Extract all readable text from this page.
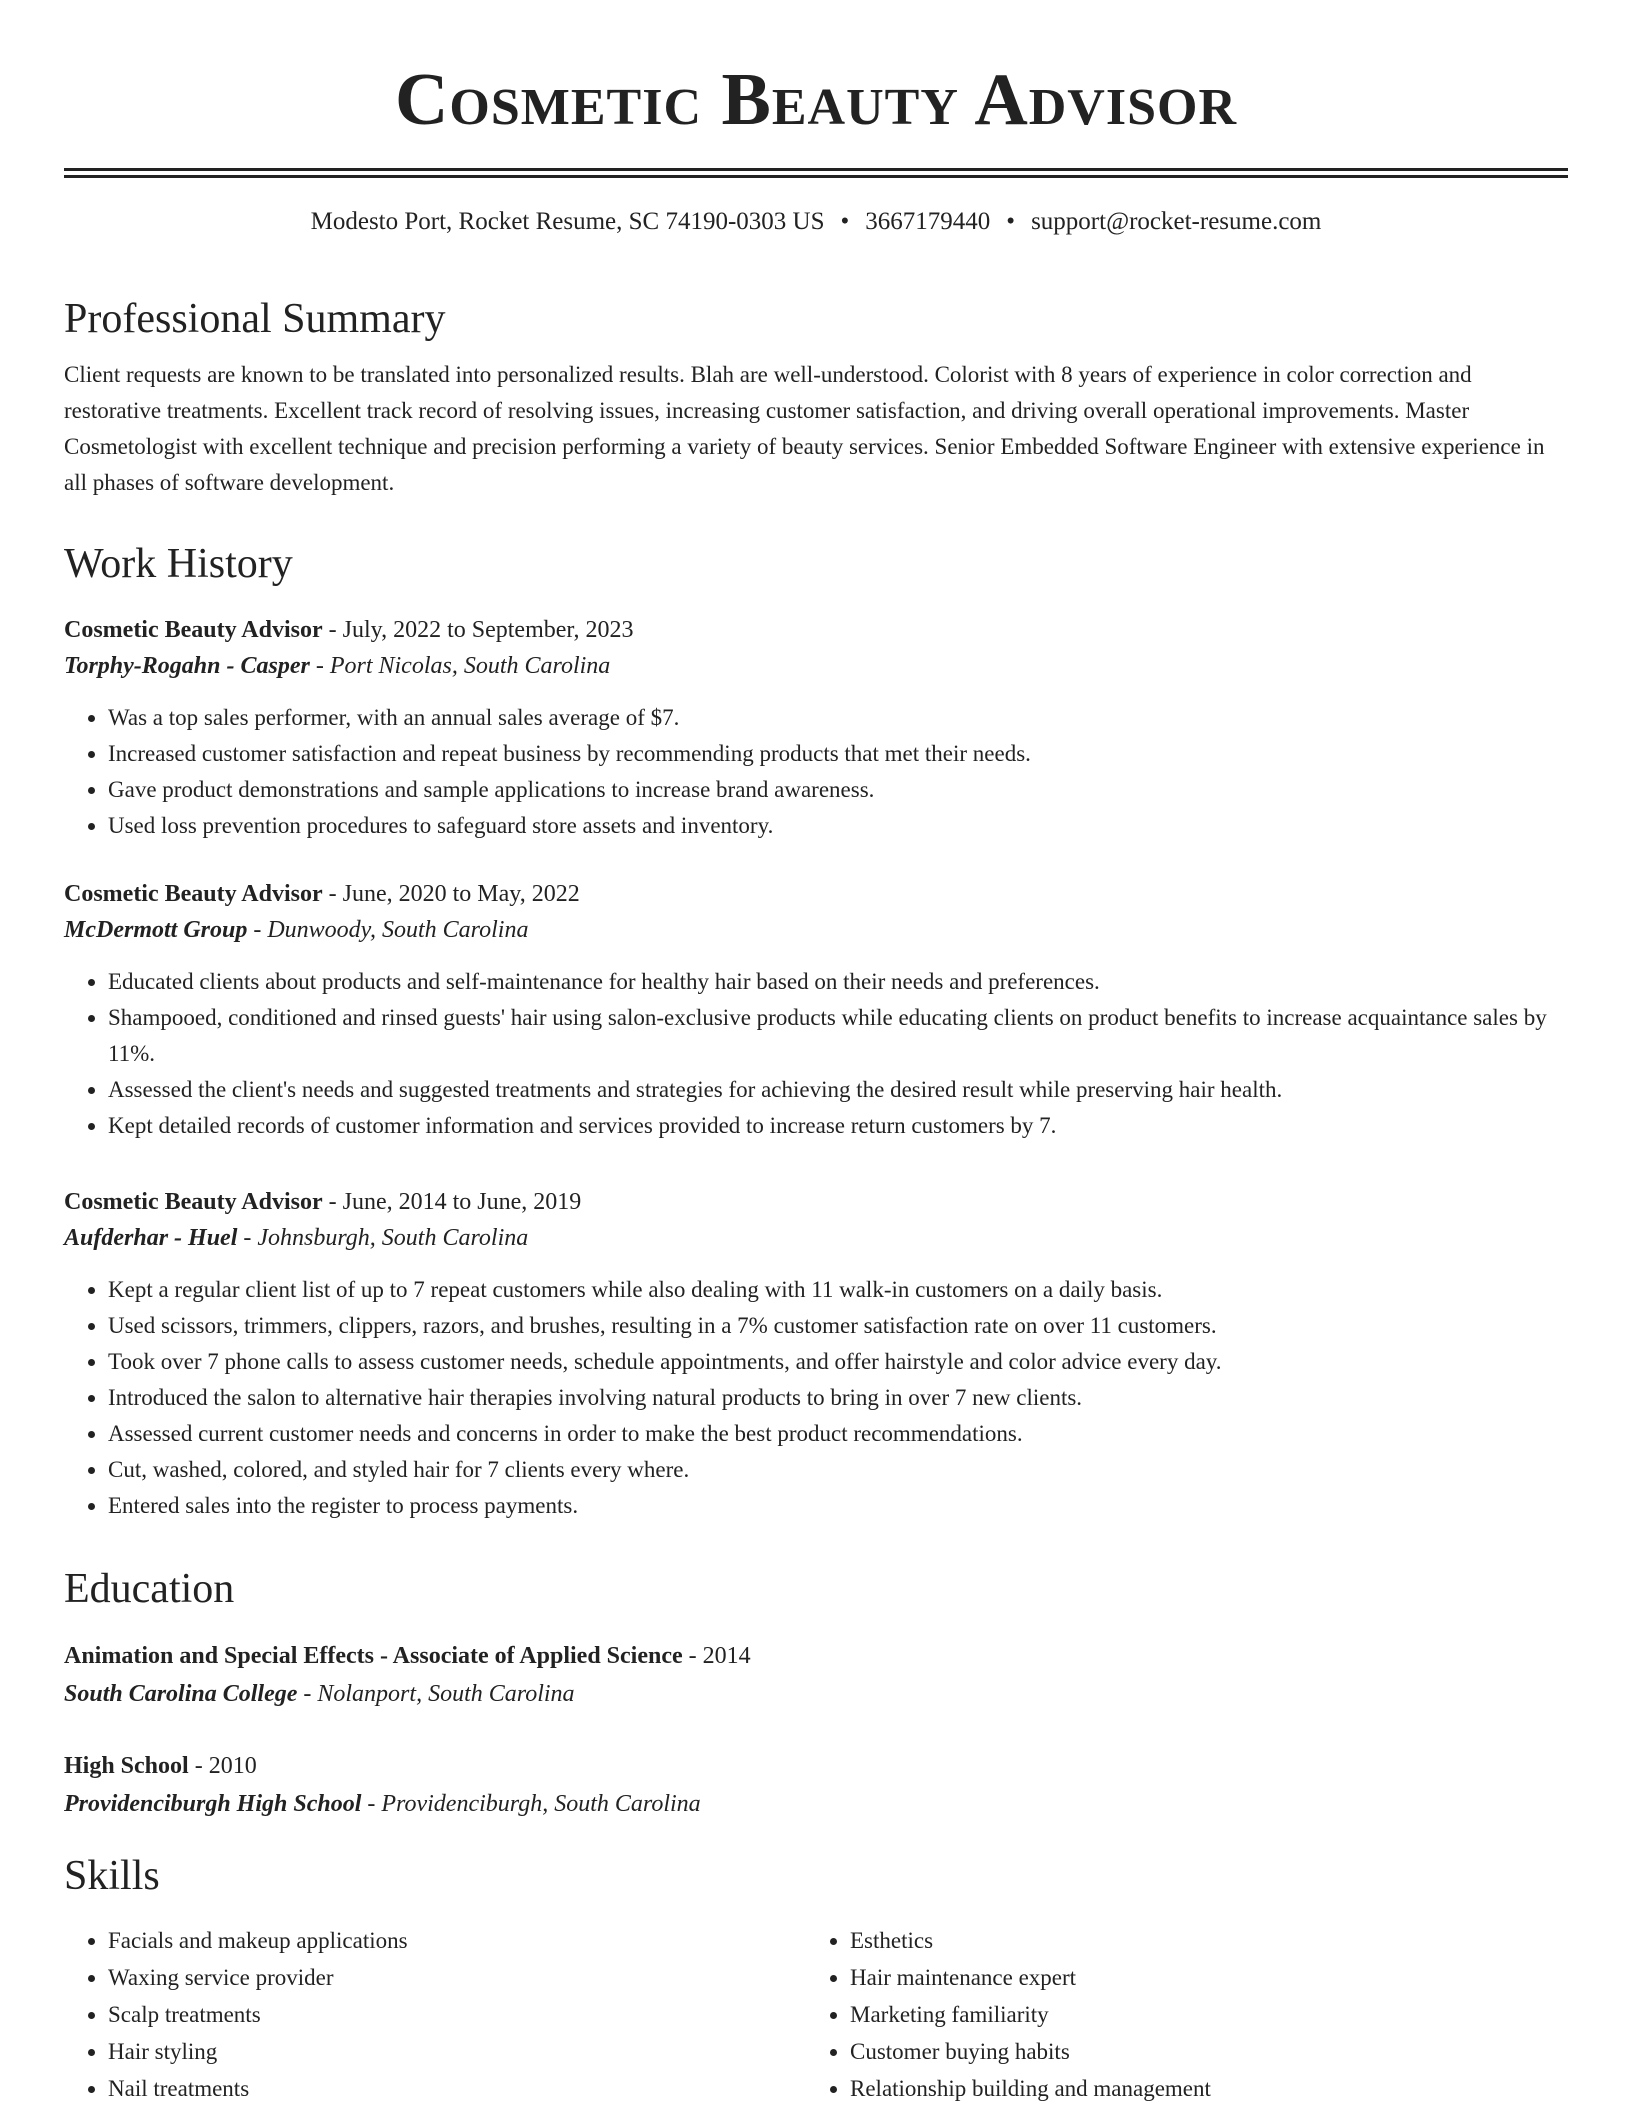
Cosmetic Beauty Advisor
Modesto Port, Rocket Resume, SC 74190-0303 US • 3667179440 • support@rocket-resume.com
Professional Summary

Client requests are known to be translated into personalized results. Blah are well-understood. Colorist with 8 years of experience in color correction and restorative treatments. Excellent track record of resolving issues, increasing customer satisfaction, and driving overall operational improvements. Master Cosmetologist with excellent technique and precision performing a variety of beauty services. Senior Embedded Software Engineer with extensive experience in all phases of software development.

Work History
Cosmetic Beauty Advisor - July, 2022 to September, 2023
Torphy-Rogahn - Casper - Port Nicolas, South Carolina
• Was a top sales performer, with an annual sales average of $7.
• Increased customer satisfaction and repeat business by recommending products that met their needs.
• Gave product demonstrations and sample applications to increase brand awareness.
• Used loss prevention procedures to safeguard store assets and inventory.
Cosmetic Beauty Advisor - June, 2020 to May, 2022
McDermott Group - Dunwoody, South Carolina
• Educated clients about products and self-maintenance for healthy hair based on their needs and preferences.
• Shampooed, conditioned and rinsed guests' hair using salon-exclusive products while educating clients on product benefits to increase acquaintance sales by 11%.
• Assessed the client's needs and suggested treatments and strategies for achieving the desired result while preserving hair health.
• Kept detailed records of customer information and services provided to increase return customers by 7.
Cosmetic Beauty Advisor - June, 2014 to June, 2019
Aufderhar - Huel - Johnsburgh, South Carolina
• Kept a regular client list of up to 7 repeat customers while also dealing with 11 walk-in customers on a daily basis.
• Used scissors, trimmers, clippers, razors, and brushes, resulting in a 7% customer satisfaction rate on over 11 customers.
• Took over 7 phone calls to assess customer needs, schedule appointments, and offer hairstyle and color advice every day.
• Introduced the salon to alternative hair therapies involving natural products to bring in over 7 new clients.
• Assessed current customer needs and concerns in order to make the best product recommendations.
• Cut, washed, colored, and styled hair for 7 clients every where.
• Entered sales into the register to process payments.
Education
Animation and Special Effects - Associate of Applied Science - 2014
South Carolina College - Nolanport, South Carolina
High School - 2010
Providenciburgh High School - Providenciburgh, South Carolina
Skills
• Facials and makeup applications
• Waxing service provider
• Scalp treatments
• Hair styling
• Nail treatments
• Esthetics
• Hair maintenance expert
• Marketing familiarity
• Customer buying habits
• Relationship building and management
